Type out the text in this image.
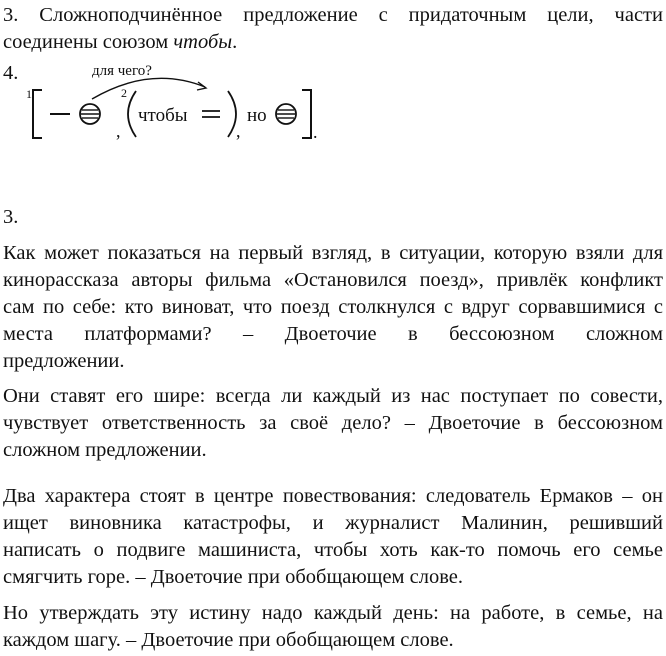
3. Сложноподчинённое предложение с придаточным цели, части
соединены союзом чтобы.

4.
1
для чего?
,
2
чтобы
,
но
.
3.

Как может показаться на первый взгляд, в ситуации, которую взяли для
кинорассказа авторы фильма «Остановился поезд», привлёк конфликт
сам по себе: кто виноват, что поезд столкнулся с вдруг сорвавшимися с
места платформами? – Двоеточие в бессоюзном сложном
предложении.

Они ставят его шире: всегда ли каждый из нас поступает по совести,
чувствует ответственность за своё дело? – Двоеточие в бессоюзном
сложном предложении.

Два характера стоят в центре повествования: следователь Ермаков – он
ищет виновника катастрофы, и журналист Малинин, решивший
написать о подвиге машиниста, чтобы хоть как-то помочь его семье
смягчить горе. – Двоеточие при обобщающем слове.

Но утверждать эту истину надо каждый день: на работе, в семье, на
каждом шагу. – Двоеточие при обобщающем слове.
